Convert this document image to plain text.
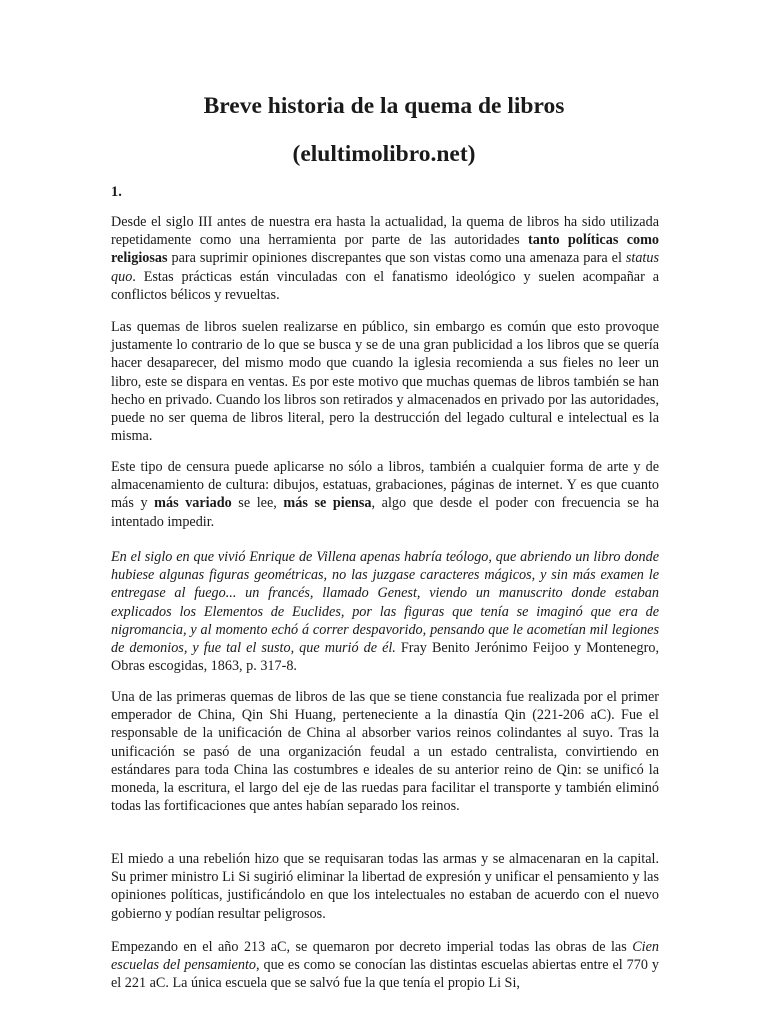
Breve historia de la quema de libros
(elultimolibro.net)
1.

Desde el siglo III antes de nuestra era hasta la actualidad, la quema de libros ha sido utilizada repetidamente como una herramienta por parte de las autoridades tanto políticas como religiosas para suprimir opiniones discrepantes que son vistas como una amenaza para el status quo. Estas prácticas están vinculadas con el fanatismo ideológico y suelen acompañar a conflictos bélicos y revueltas.

Las quemas de libros suelen realizarse en público, sin embargo es común que esto provoque justamente lo contrario de lo que se busca y se de una gran publicidad a los libros que se quería hacer desaparecer, del mismo modo que cuando la iglesia recomienda a sus fieles no leer un libro, este se dispara en ventas. Es por este motivo que muchas quemas de libros también se han hecho en privado. Cuando los libros son retirados y almacenados en privado por las autoridades, puede no ser quema de libros literal, pero la destrucción del legado cultural e intelectual es la misma.

Este tipo de censura puede aplicarse no sólo a libros, también a cualquier forma de arte y de almacenamiento de cultura: dibujos, estatuas, grabaciones, páginas de internet. Y es que cuanto más y más variado se lee, más se piensa, algo que desde el poder con frecuencia se ha intentado impedir.

En el siglo en que vivió Enrique de Villena apenas habría teólogo, que abriendo un libro donde hubiese algunas figuras geométricas, no las juzgase caracteres mágicos, y sin más examen le entregase al fuego... un francés, llamado Genest, viendo un manuscrito donde estaban explicados los Elementos de Euclides, por las figuras que tenía se imaginó que era de nigromancia, y al momento echó á correr despavorido, pensando que le acometían mil legiones de demonios, y fue tal el susto, que murió de él. Fray Benito Jerónimo Feijoo y Montenegro, Obras escogidas, 1863, p. 317-8.

Una de las primeras quemas de libros de las que se tiene constancia fue realizada por el primer emperador de China, Qin Shi Huang, perteneciente a la dinastía Qin (221-206 aC). Fue el responsable de la unificación de China al absorber varios reinos colindantes al suyo. Tras la unificación se pasó de una organización feudal a un estado centralista, convirtiendo en estándares para toda China las costumbres e ideales de su anterior reino de Qin: se unificó la moneda, la escritura, el largo del eje de las ruedas para facilitar el transporte y también eliminó todas las fortificaciones que antes habían separado los reinos.

El miedo a una rebelión hizo que se requisaran todas las armas y se almacenaran en la capital. Su primer ministro Li Si sugirió eliminar la libertad de expresión y unificar el pensamiento y las opiniones políticas, justificándolo en que los intelectuales no estaban de acuerdo con el nuevo gobierno y podían resultar peligrosos.

Empezando en el año 213 aC, se quemaron por decreto imperial todas las obras de las Cien escuelas del pensamiento, que es como se conocían las distintas escuelas abiertas entre el 770 y el 221 aC. La única escuela que se salvó fue la que tenía el propio Li Si,
